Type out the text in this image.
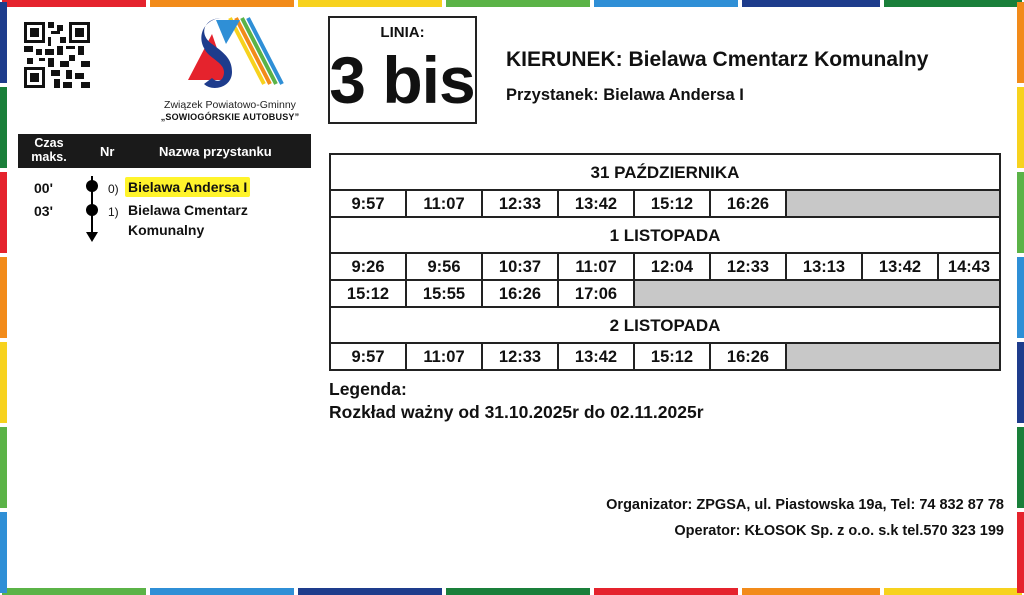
Związek Powiatowo-Gminny
„SOWIOGÓRSKIE AUTOBUSY”
Czas maks.	Nr	Nazwa przystanku
00'	0) Bielawa Andersa I
03'	1) Bielawa Cmentarz Komunalny
LINIA:
3 bis KIERUNEK: Bielawa Cmentarz Komunalny
Przystanek: Bielawa Andersa I
31 PAŹDZIERNIKA
9:57	11:07	12:33	13:42	15:12	16:26
1 LISTOPADA
9:26	9:56	10:37	11:07	12:04	12:33	13:13	13:42	14:43
15:12	15:55	16:26	17:06
2 LISTOPADA
9:57	11:07	12:33	13:42	15:12	16:26
Legenda:
Rozkład ważny od 31.10.2025r do 02.11.2025r
Organizator: ZPGSA, ul. Piastowska 19a, Tel: 74 832 87 78
Operator: KŁOSOK Sp. z o.o. s.k tel.570 323 199
